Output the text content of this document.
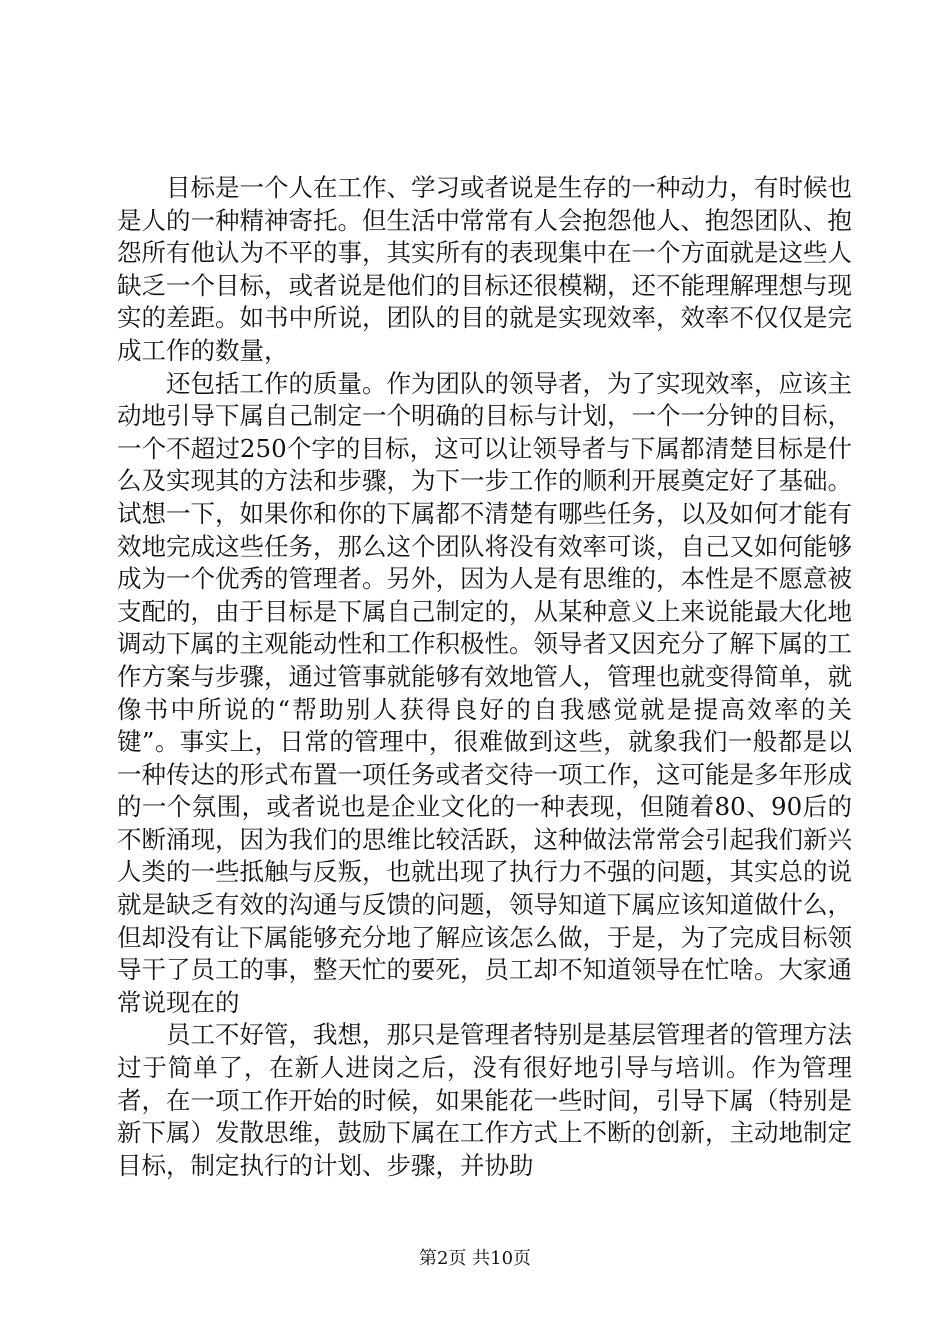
目标是一个人在工作、学习或者说是生存的一种动力，有时候也是人的一种精神寄托。但生活中常常有人会抱怨他人、抱怨团队、抱怨所有他认为不平的事，其实所有的表现集中在一个方面就是这些人缺乏一个目标，或者说是他们的目标还很模糊，还不能理解理想与现实的差距。如书中所说，团队的目的就是实现效率，效率不仅仅是完成工作的数量，

还包括工作的质量。作为团队的领导者，为了实现效率，应该主动地引导下属自己制定一个明确的目标与计划，一个一分钟的目标，一个不超过250个字的目标，这可以让领导者与下属都清楚目标是什么及实现其的方法和步骤，为下一步工作的顺利开展奠定好了基础。试想一下，如果你和你的下属都不清楚有哪些任务，以及如何才能有效地完成这些任务，那么这个团队将没有效率可谈，自己又如何能够成为一个优秀的管理者。另外，因为人是有思维的，本性是不愿意被支配的，由于目标是下属自己制定的，从某种意义上来说能最大化地调动下属的主观能动性和工作积极性。领导者又因充分了解下属的工作方案与步骤，通过管事就能够有效地管人，管理也就变得简单，就像书中所说的“帮助别人获得良好的自我感觉就是提高效率的关键”。事实上，日常的管理中，很难做到这些，就象我们一般都是以一种传达的形式布置一项任务或者交待一项工作，这可能是多年形成的一个氛围，或者说也是企业文化的一种表现，但随着80、90后的不断涌现，因为我们的思维比较活跃，这种做法常常会引起我们新兴人类的一些抵触与反叛，也就出现了执行力不强的问题，其实总的说就是缺乏有效的沟通与反馈的问题，领导知道下属应该知道做什么，但却没有让下属能够充分地了解应该怎么做，于是，为了完成目标领导干了员工的事，整天忙的要死，员工却不知道领导在忙啥。大家通常说现在的

员工不好管，我想，那只是管理者特别是基层管理者的管理方法过于简单了，在新人进岗之后，没有很好地引导与培训。作为管理者，在一项工作开始的时候，如果能花一些时间，引导下属（特别是新下属）发散思维，鼓励下属在工作方式上不断的创新，主动地制定目标，制定执行的计划、步骤，并协助

第2页 共10页
